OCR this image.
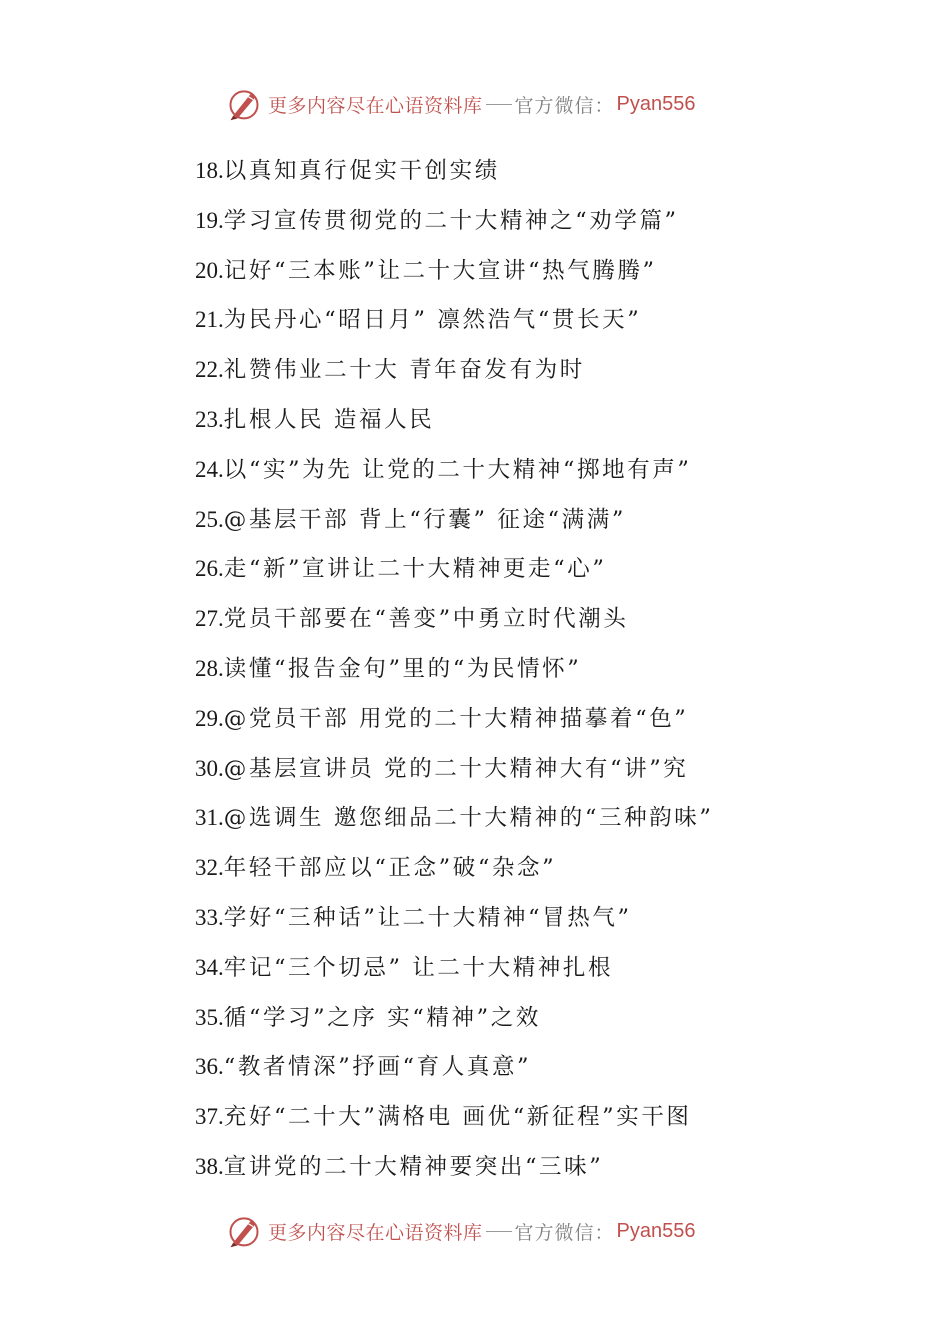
更多内容尽在心语资料库 官方微信： Pyan556
18.以真知真行促实干创实绩
19.学习宣传贯彻党的二十大精神之“劝学篇”
20.记好“三本账”让二十大宣讲“热气腾腾”
21.为民丹心“昭日月” 凛然浩气“贯长天”
22.礼赞伟业二十大 青年奋发有为时
23.扎根人民 造福人民
24.以“实”为先 让党的二十大精神“掷地有声”
25.@基层干部 背上“行囊” 征途“满满”
26.走“新”宣讲让二十大精神更走“心”
27.党员干部要在“善变”中勇立时代潮头
28.读懂“报告金句”里的“为民情怀”
29.@党员干部 用党的二十大精神描摹着“色”
30.@基层宣讲员 党的二十大精神大有“讲”究
31.@选调生 邀您细品二十大精神的“三种韵味”
32.年轻干部应以“正念”破“杂念”
33.学好“三种话”让二十大精神“冒热气”
34.牢记“三个切忌” 让二十大精神扎根
35.循“学习”之序 实“精神”之效
36.“教者情深”抒画“育人真意”
37.充好“二十大”满格电 画优“新征程”实干图
38.宣讲党的二十大精神要突出“三味”
更多内容尽在心语资料库 官方微信： Pyan556
